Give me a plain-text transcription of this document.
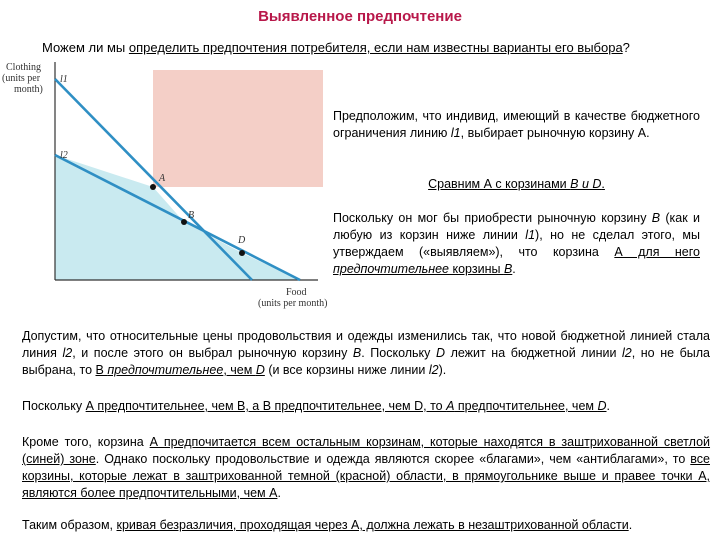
Выявленное предпочтение
Можем ли мы определить предпочтения потребителя, если нам известны варианты его выбора?
A
B
D
l1
l2
Clothing (units per month)
Food (units per month)
Предположим, что индивид, имеющий в качестве бюджетного ограничения линию l1, выбирает рыночную корзину А.
Сравним А с корзинами В и D.
Поскольку он мог бы приобрести рыночную корзину В (как и любую из корзин ниже линии l1), но не сделал этого, мы утверждаем («выявляем»), что корзина А для него предпочтительнее корзины В.
Допустим, что относительные цены продовольствия и одежды изменились так, что новой бюджетной линией стала линия l2, и после этого он выбрал рыночную корзину В. Поскольку D лежит на бюджетной линии l2, но не была выбрана, то В предпочтительнее, чем D (и все корзины ниже линии l2).
Поскольку А предпочтительнее, чем В, а В предпочтительнее, чем D, то А предпочтительнее, чем D.
Кроме того, корзина А предпочитается всем остальным корзинам, которые находятся в заштрихованной светлой (синей) зоне. Однако поскольку продовольствие и одежда являются скорее «благами», чем «антиблагами», то все корзины, которые лежат в заштрихованной темной (красной) области, в прямоугольнике выше и правее точки А, являются более предпочтительными, чем А.
Таким образом, кривая безразличия, проходящая через А, должна лежать в незаштрихованной области.
